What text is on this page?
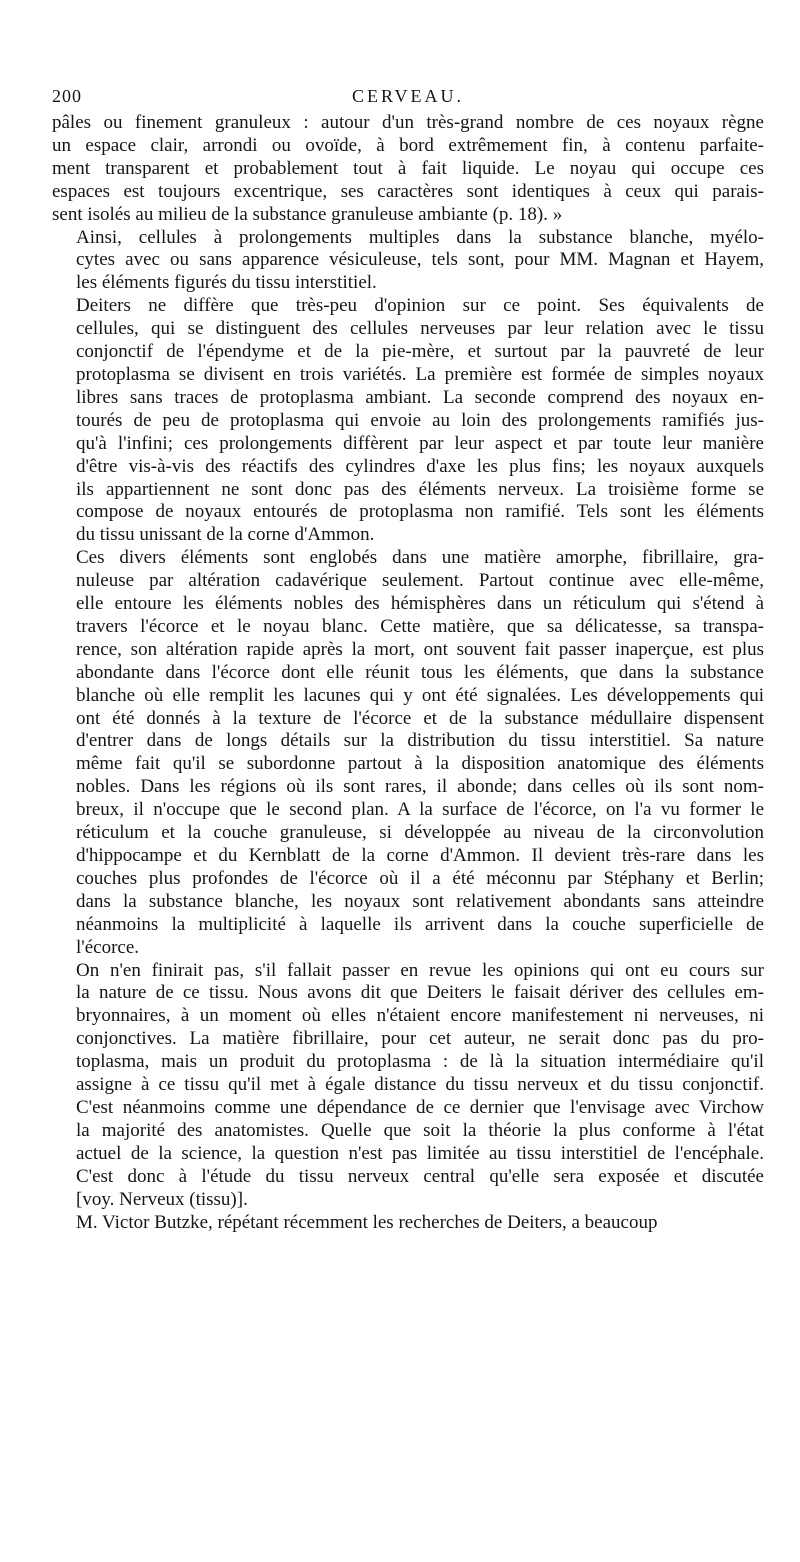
200	CERVEAU.

pâles ou finement granuleux : autour d'un très-grand nombre de ces noyaux règne
un espace clair, arrondi ou ovoïde, à bord extrêmement fin, à contenu parfaite-
ment transparent et probablement tout à fait liquide. Le noyau qui occupe ces
espaces est toujours excentrique, ses caractères sont identiques à ceux qui parais-
sent isolés au milieu de la substance granuleuse ambiante (p. 18). »

Ainsi, cellules à prolongements multiples dans la substance blanche, myélo-
cytes avec ou sans apparence vésiculeuse, tels sont, pour MM. Magnan et Hayem,
les éléments figurés du tissu interstitiel.

Deiters ne diffère que très-peu d'opinion sur ce point. Ses équivalents de
cellules, qui se distinguent des cellules nerveuses par leur relation avec le tissu
conjonctif de l'épendyme et de la pie-mère, et surtout par la pauvreté de leur
protoplasma se divisent en trois variétés. La première est formée de simples noyaux
libres sans traces de protoplasma ambiant. La seconde comprend des noyaux en-
tourés de peu de protoplasma qui envoie au loin des prolongements ramifiés jus-
qu'à l'infini; ces prolongements diffèrent par leur aspect et par toute leur manière
d'être vis-à-vis des réactifs des cylindres d'axe les plus fins; les noyaux auxquels
ils appartiennent ne sont donc pas des éléments nerveux. La troisième forme se
compose de noyaux entourés de protoplasma non ramifié. Tels sont les éléments
du tissu unissant de la corne d'Ammon.

Ces divers éléments sont englobés dans une matière amorphe, fibrillaire, gra-
nuleuse par altération cadavérique seulement. Partout continue avec elle-même,
elle entoure les éléments nobles des hémisphères dans un réticulum qui s'étend à
travers l'écorce et le noyau blanc. Cette matière, que sa délicatesse, sa transpa-
rence, son altération rapide après la mort, ont souvent fait passer inaperçue, est plus
abondante dans l'écorce dont elle réunit tous les éléments, que dans la substance
blanche où elle remplit les lacunes qui y ont été signalées. Les développements qui
ont été donnés à la texture de l'écorce et de la substance médullaire dispensent
d'entrer dans de longs détails sur la distribution du tissu interstitiel. Sa nature
même fait qu'il se subordonne partout à la disposition anatomique des éléments
nobles. Dans les régions où ils sont rares, il abonde; dans celles où ils sont nom-
breux, il n'occupe que le second plan. A la surface de l'écorce, on l'a vu former le
réticulum et la couche granuleuse, si développée au niveau de la circonvolution
d'hippocampe et du Kernblatt de la corne d'Ammon. Il devient très-rare dans les
couches plus profondes de l'écorce où il a été méconnu par Stéphany et Berlin;
dans la substance blanche, les noyaux sont relativement abondants sans atteindre
néanmoins la multiplicité à laquelle ils arrivent dans la couche superficielle de
l'écorce.

On n'en finirait pas, s'il fallait passer en revue les opinions qui ont eu cours sur
la nature de ce tissu. Nous avons dit que Deiters le faisait dériver des cellules em-
bryonnaires, à un moment où elles n'étaient encore manifestement ni nerveuses, ni
conjonctives. La matière fibrillaire, pour cet auteur, ne serait donc pas du pro-
toplasma, mais un produit du protoplasma : de là la situation intermédiaire qu'il
assigne à ce tissu qu'il met à égale distance du tissu nerveux et du tissu conjonctif.
C'est néanmoins comme une dépendance de ce dernier que l'envisage avec Virchow
la majorité des anatomistes. Quelle que soit la théorie la plus conforme à l'état
actuel de la science, la question n'est pas limitée au tissu interstitiel de l'encéphale.
C'est donc à l'étude du tissu nerveux central qu'elle sera exposée et discutée
[voy. Nerveux (tissu)].

M. Victor Butzke, répétant récemment les recherches de Deiters, a beaucoup
